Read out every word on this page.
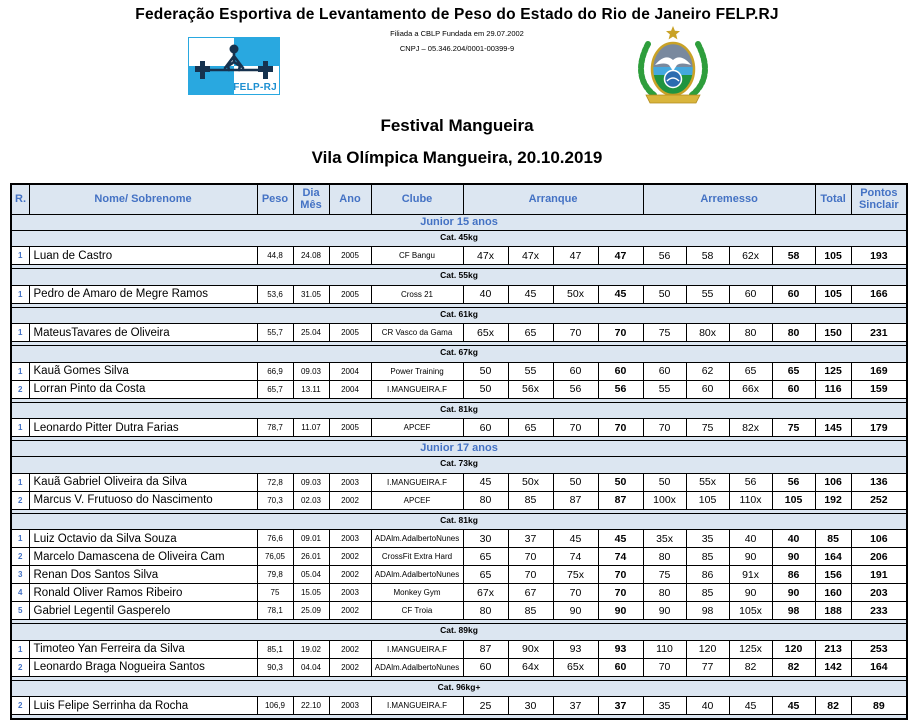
Federação Esportiva de Levantamento de Peso do Estado do Rio de Janeiro FELP.RJ
Filiada a CBLP Fundada em 29.07.2002
CNPJ – 05.346.204/0001-00399-9
FELP-RJ
Festival Mangueira
Vila Olímpica Mangueira, 20.10.2019
R.	Nome/ Sobrenome	Peso	Dia Mês	Ano	Clube	Arranque				Arremesso				Total	Pontos Sinclair
Junior 15 anos															
Cat. 45kg															

1	Luan de Castro	44,8	24.08	2005	CF Bangu	47x	47x	47	47	56	58	62x	58	105	193

Cat. 55kg															

1	Pedro de Amaro de Megre Ramos	53,6	31.05	2005	Cross 21	40	45	50x	45	50	55	60	60	105	166

Cat. 61kg															

1	MateusTavares de Oliveira	55,7	25.04	2005	CR Vasco da Gama	65x	65	70	70	75	80x	80	80	150	231

Cat. 67kg															

1	Kauã Gomes Silva	66,9	09.03	2004	Power Training	50	55	60	60	60	62	65	65	125	169
2	Lorran Pinto da Costa	65,7	13.11	2004	I.MANGUEIRA.F	50	56x	56	56	55	60	66x	60	116	159

Cat. 81kg															

1	Leonardo Pitter Dutra Farias	78,7	11.07	2005	APCEF	60	65	70	70	70	75	82x	75	145	179

Junior 17 anos															
Cat. 73kg															

1	Kauã Gabriel Oliveira da Silva	72,8	09.03	2003	I.MANGUEIRA.F	45	50x	50	50	50	55x	56	56	106	136
2	Marcus V. Frutuoso do Nascimento	70,3	02.03	2002	APCEF	80	85	87	87	100x	105	110x	105	192	252

Cat. 81kg															

1	Luiz Octavio da Silva Souza	76,6	09.01	2003	ADAlm.AdalbertoNunes	30	37	45	45	35x	35	40	40	85	106
2	Marcelo Damascena de Oliveira Cam	76,05	26.01	2002	CrossFit Extra Hard	65	70	74	74	80	85	90	90	164	206
3	Renan Dos Santos Silva	79,8	05.04	2002	ADAlm.AdalbertoNunes	65	70	75x	70	75	86	91x	86	156	191
4	Ronald Oliver Ramos Ribeiro	75	15.05	2003	Monkey Gym	67x	67	70	70	80	85	90	90	160	203
5	Gabriel Legentil Gasperelo	78,1	25.09	2002	CF Troia	80	85	90	90	90	98	105x	98	188	233

Cat. 89kg															

1	Timoteo Yan Ferreira da Silva	85,1	19.02	2002	I.MANGUEIRA.F	87	90x	93	93	110	120	125x	120	213	253
2	Leonardo Braga Nogueira Santos	90,3	04.04	2002	ADAlm.AdalbertoNunes	60	64x	65x	60	70	77	82	82	142	164

Cat. 96kg+															

2	Luis Felipe Serrinha da Rocha	106,9	22.10	2003	I.MANGUEIRA.F	25	30	37	37	35	40	45	45	82	89
